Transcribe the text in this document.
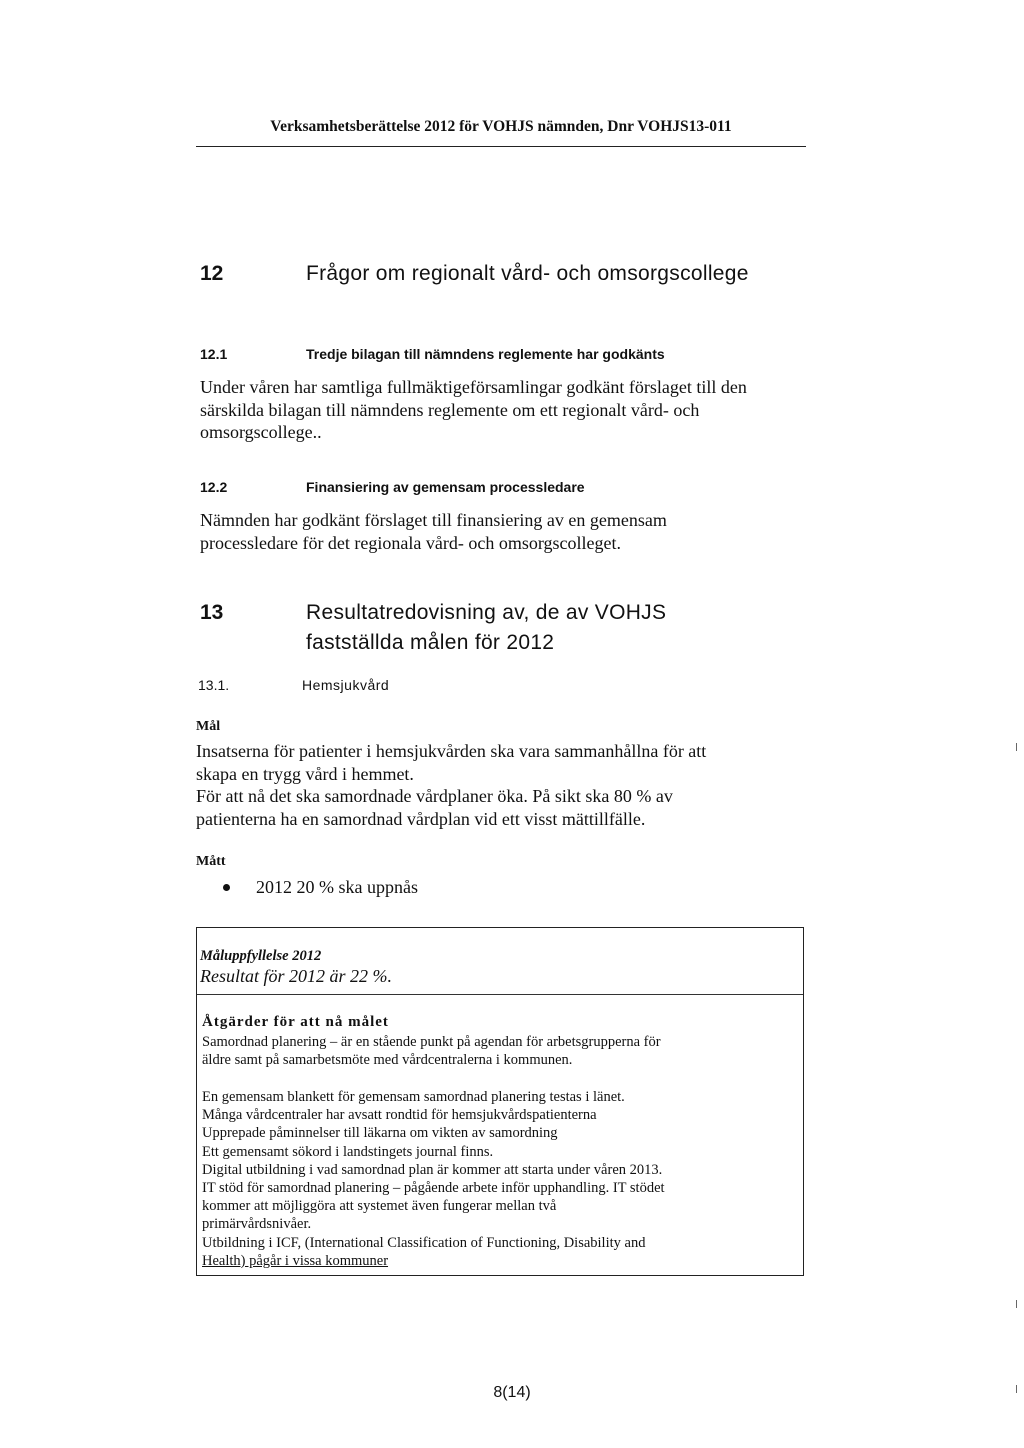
Verksamhetsberättelse 2012 för VOHJS nämnden, Dnr VOHJS13-011
12	Frågor om regionalt vård- och omsorgscollege
12.1	Tredje bilagan till nämndens reglemente har godkänts
Under våren har samtliga fullmäktigeförsamlingar godkänt förslaget till den särskilda bilagan till nämndens reglemente om ett regionalt vård- och omsorgscollege..
12.2	Finansiering av gemensam processledare
Nämnden har godkänt förslaget till finansiering av en gemensam processledare för det regionala vård- och omsorgscolleget.
13	Resultatredovisning av, de av VOHJS fastställda målen för 2012
13.1.	Hemsjukvård
Mål
Insatserna för patienter i hemsjukvården ska vara sammanhållna för att
skapa en trygg vård i hemmet.
För att nå det ska samordnade vårdplaner öka. På sikt ska 80 % av
patienterna ha en samordnad vårdplan vid ett visst mättillfälle.
Mått
2012 20 % ska uppnås
Måluppfyllelse 2012
Resultat för 2012 är 22 %.
Åtgärder för att nå målet
Samordnad planering – är en stående punkt på agendan för arbetsgrupperna för
äldre samt på samarbetsmöte med vårdcentralerna i kommunen.
En gemensam blankett för gemensam samordnad planering testas i länet.
Många vårdcentraler har avsatt rondtid för hemsjukvårdspatienterna
Upprepade påminnelser till läkarna om vikten av samordning
Ett gemensamt sökord i landstingets journal finns.
Digital utbildning i vad samordnad plan är kommer att starta under våren 2013.
IT stöd för samordnad planering – pågående arbete inför upphandling. IT stödet
kommer att möjliggöra att systemet även fungerar mellan två
primärvårdsnivåer.
Utbildning i ICF, (International Classification of Functioning, Disability and
Health) pågår i vissa kommuner
8(14)
